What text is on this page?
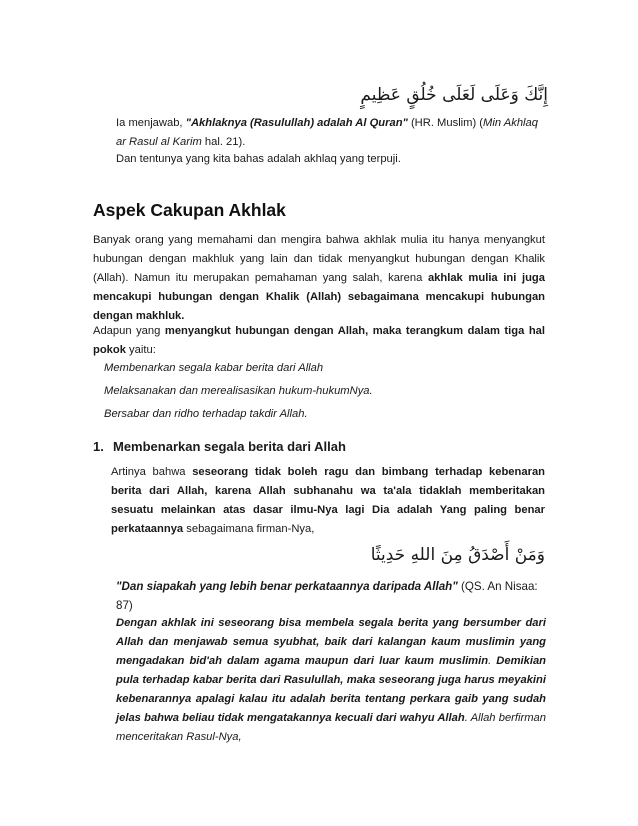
إِنَّكَ وَعَلَى لَعَلَى خُلُقٍ عَظِيمٍ

Ia menjawab, "Akhlaknya (Rasulullah) adalah Al Quran" (HR. Muslim) (Min Akhlaq ar Rasul al Karim hal. 21).

Dan tentunya yang kita bahas adalah akhlaq yang terpuji.

Aspek Cakupan Akhlak

Banyak orang yang memahami dan mengira bahwa akhlak mulia itu hanya menyangkut hubungan dengan makhluk yang lain dan tidak menyangkut hubungan dengan Khalik (Allah). Namun itu merupakan pemahaman yang salah, karena akhlak mulia ini juga mencakupi hubungan dengan Khalik (Allah) sebagaimana mencakupi hubungan dengan makhluk.

Adapun yang menyangkut hubungan dengan Allah, maka terangkum dalam tiga hal pokok yaitu:

Membenarkan segala kabar berita dari Allah

Melaksanakan dan merealisasikan hukum-hukumNya.

Bersabar dan ridho terhadap takdir Allah.

1. Membenarkan segala berita dari Allah

Artinya bahwa seseorang tidak boleh ragu dan bimbang terhadap kebenaran berita dari Allah, karena Allah subhanahu wa ta'ala tidaklah memberitakan sesuatu melainkan atas dasar ilmu-Nya lagi Dia adalah Yang paling benar perkataannya sebagaimana firman-Nya,

وَمَنْ أَصْدَقُ مِنَ اللهِ حَدِيثًا

"Dan siapakah yang lebih benar perkataannya daripada Allah" (QS. An Nisaa: 87)

Dengan akhlak ini seseorang bisa membela segala berita yang bersumber dari Allah dan menjawab semua syubhat, baik dari kalangan kaum muslimin yang mengadakan bid'ah dalam agama maupun dari luar kaum muslimin. Demikian pula terhadap kabar berita dari Rasulullah, maka seseorang juga harus meyakini kebenarannya apalagi kalau itu adalah berita tentang perkara gaib yang sudah jelas bahwa beliau tidak mengatakannya kecuali dari wahyu Allah. Allah berfirman menceritakan Rasul-Nya,
